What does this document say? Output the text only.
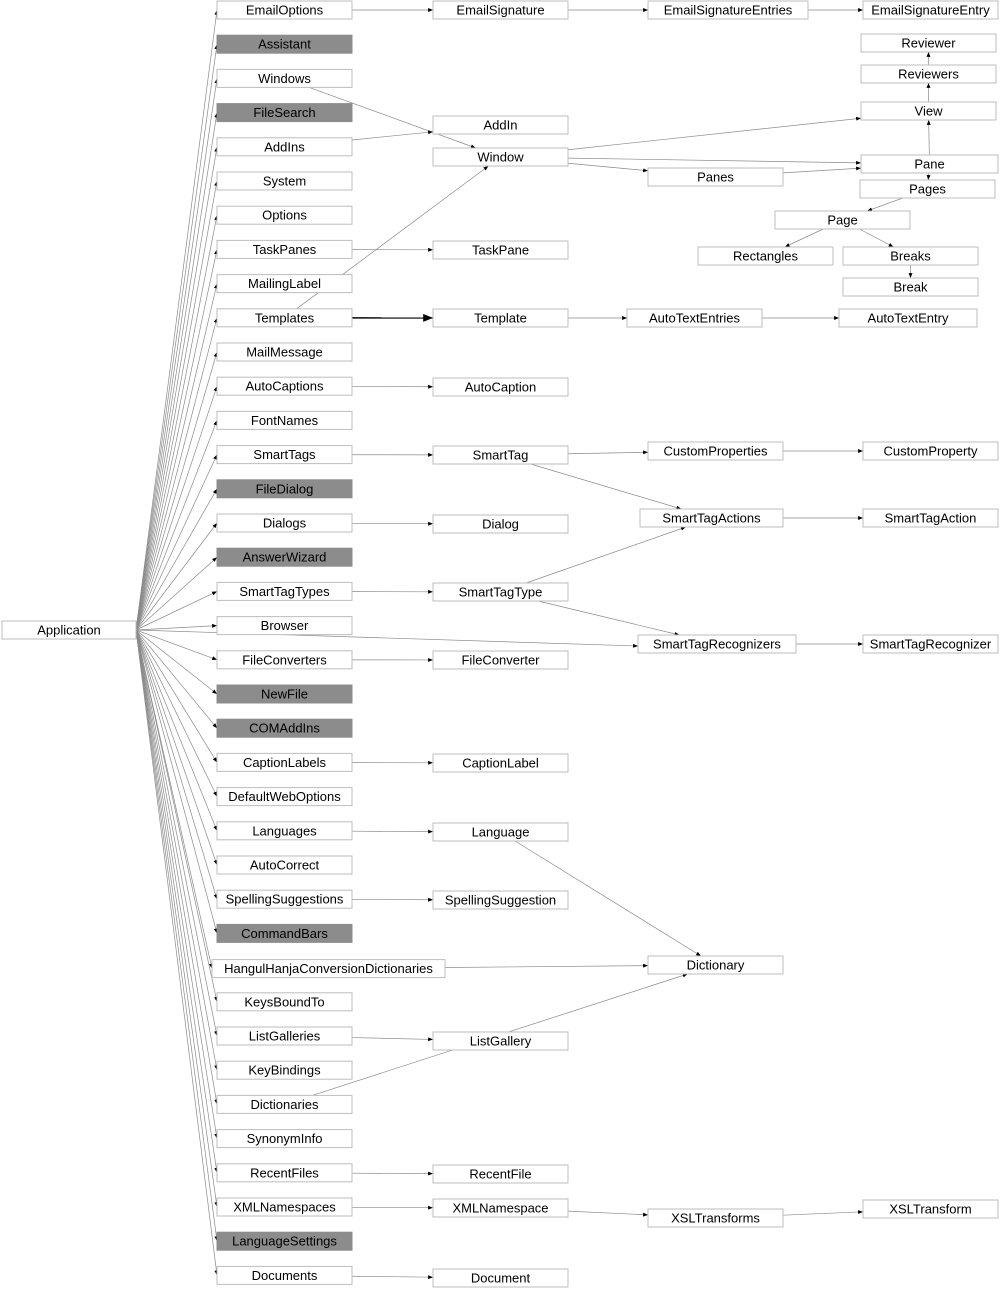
Application
EmailOptions
Assistant
Windows
FileSearch
AddIns
System
Options
TaskPanes
MailingLabel
Templates
MailMessage
AutoCaptions
FontNames
SmartTags
FileDialog
Dialogs
AnswerWizard
SmartTagTypes
Browser
FileConverters
NewFile
COMAddIns
CaptionLabels
DefaultWebOptions
Languages
AutoCorrect
SpellingSuggestions
CommandBars
HangulHanjaConversionDictionaries
KeysBoundTo
ListGalleries
KeyBindings
Dictionaries
SynonymInfo
RecentFiles
XMLNamespaces
LanguageSettings
Documents
EmailSignature
AddIn
Window
TaskPane
Template
AutoCaption
SmartTag
Dialog
SmartTagType
FileConverter
CaptionLabel
Language
SpellingSuggestion
ListGallery
RecentFile
XMLNamespace
Document
EmailSignatureEntries
Panes
AutoTextEntries
CustomProperties
SmartTagActions
SmartTagRecognizers
Dictionary
XSLTransforms
EmailSignatureEntry
Reviewer
Reviewers
View
Pane
Pages
Page
Rectangles	Breaks
Break
AutoTextEntry
CustomProperty
SmartTagAction
SmartTagRecognizer
XSLTransform
